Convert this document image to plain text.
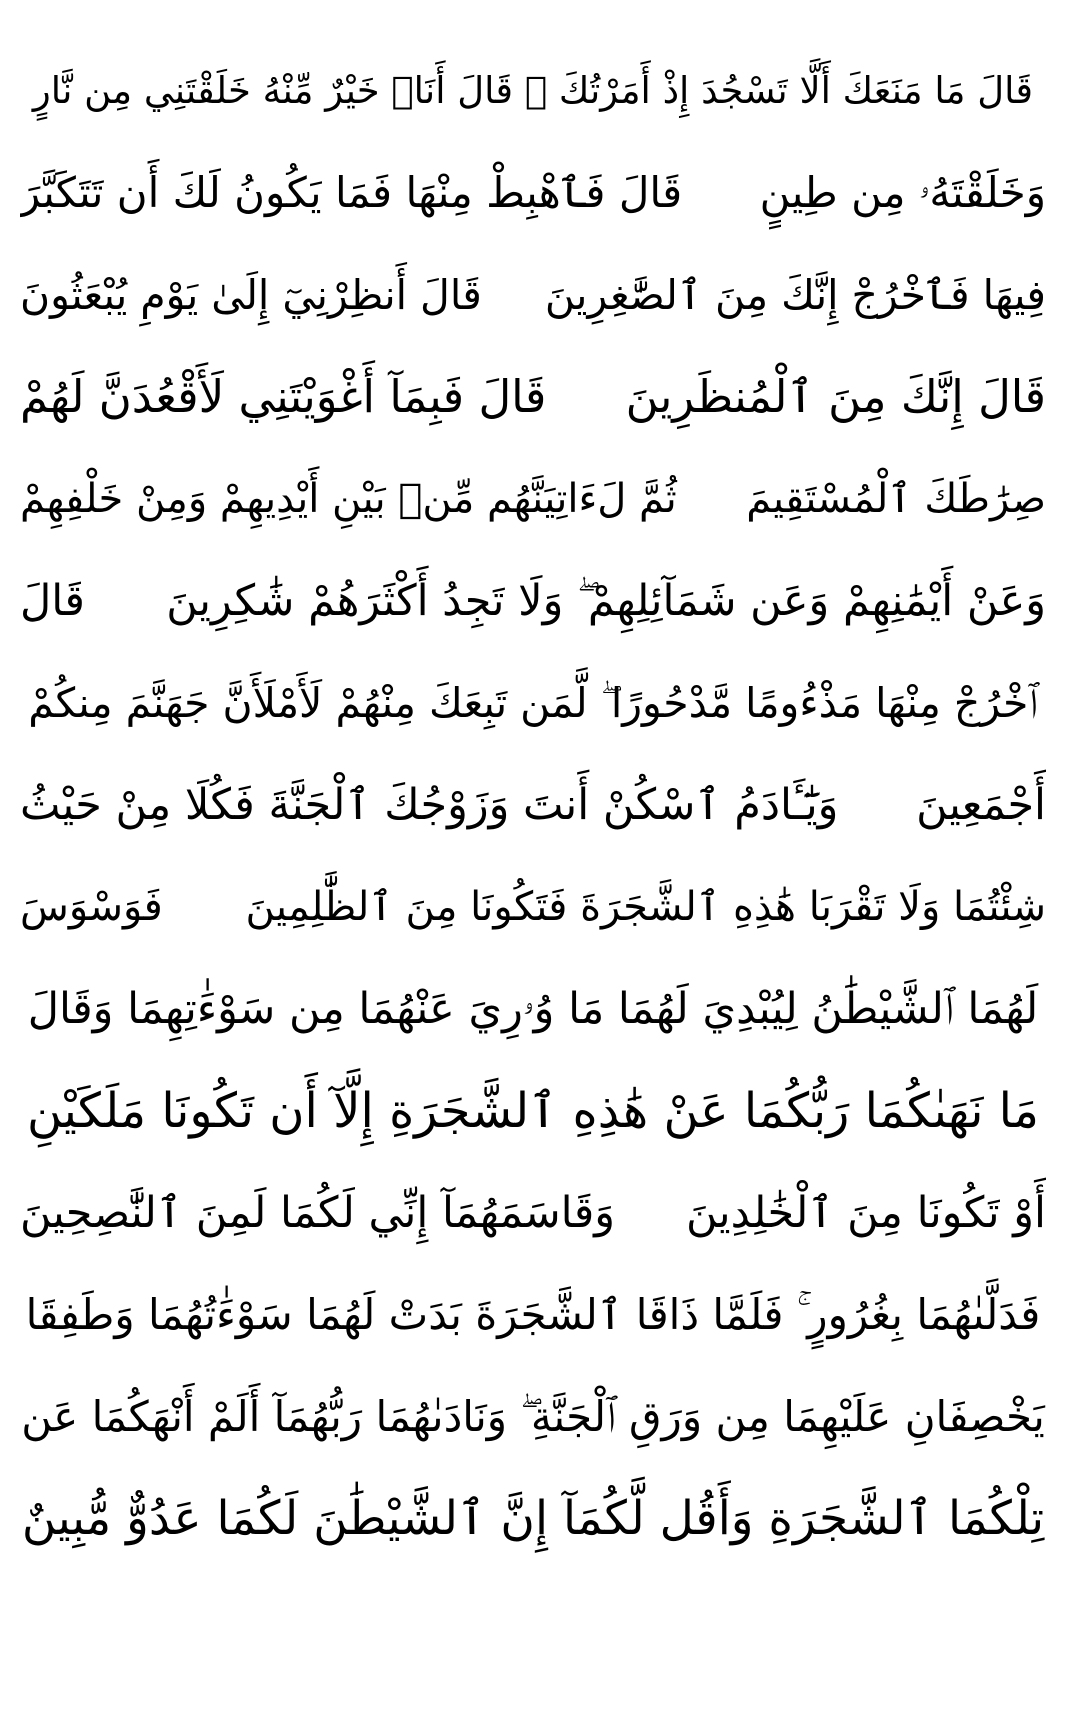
قَالَ مَا مَنَعَكَ أَلَّا تَسْجُدَ إِذْ أَمَرْتُكَ ۖ قَالَ أَنَا۠ خَيْرٌ مِّنْهُ خَلَقْتَنِي مِن نَّارٍ
وَخَلَقْتَهُۥ مِن طِينٍ
قَالَ فَٱهْبِطْ مِنْهَا فَمَا يَكُونُ لَكَ أَن تَتَكَبَّرَ
فِيهَا فَٱخْرُجْ إِنَّكَ مِنَ ٱلصَّٰغِرِينَ
قَالَ أَنظِرْنِيٓ إِلَىٰ يَوْمِ يُبْعَثُونَ
قَالَ إِنَّكَ مِنَ ٱلْمُنظَرِينَ
قَالَ فَبِمَآ أَغْوَيْتَنِي لَأَقْعُدَنَّ لَهُمْ
صِرَٰطَكَ ٱلْمُسْتَقِيمَ
ثُمَّ لَءَاتِيَنَّهُم مِّنۢ بَيْنِ أَيْدِيهِمْ وَمِنْ خَلْفِهِمْ
وَعَنْ أَيْمَٰنِهِمْ وَعَن شَمَآئِلِهِمْ ۖ وَلَا تَجِدُ أَكْثَرَهُمْ شَٰكِرِينَ
قَالَ
ٱخْرُجْ مِنْهَا مَذْءُومًا مَّدْحُورًا ۖ لَّمَن تَبِعَكَ مِنْهُمْ لَأَمْلَأَنَّ جَهَنَّمَ مِنكُمْ
أَجْمَعِينَ
وَيَٰٓـَٔادَمُ ٱسْكُنْ أَنتَ وَزَوْجُكَ ٱلْجَنَّةَ فَكُلَا مِنْ حَيْثُ
شِئْتُمَا وَلَا تَقْرَبَا هَٰذِهِ ٱلشَّجَرَةَ فَتَكُونَا مِنَ ٱلظَّٰلِمِينَ
فَوَسْوَسَ
لَهُمَا ٱلشَّيْطَٰنُ لِيُبْدِيَ لَهُمَا مَا وُۥرِيَ عَنْهُمَا مِن سَوْءَٰتِهِمَا وَقَالَ
مَا نَهَىٰكُمَا رَبُّكُمَا عَنْ هَٰذِهِ ٱلشَّجَرَةِ إِلَّآ أَن تَكُونَا مَلَكَيْنِ
أَوْ تَكُونَا مِنَ ٱلْخَٰلِدِينَ
وَقَاسَمَهُمَآ إِنِّي لَكُمَا لَمِنَ ٱلنَّٰصِحِينَ
فَدَلَّىٰهُمَا بِغُرُورٍ ۚ فَلَمَّا ذَاقَا ٱلشَّجَرَةَ بَدَتْ لَهُمَا سَوْءَٰتُهُمَا وَطَفِقَا
يَخْصِفَانِ عَلَيْهِمَا مِن وَرَقِ ٱلْجَنَّةِ ۖ وَنَادَىٰهُمَا رَبُّهُمَآ أَلَمْ أَنْهَكُمَا عَن
تِلْكُمَا ٱلشَّجَرَةِ وَأَقُل لَّكُمَآ إِنَّ ٱلشَّيْطَٰنَ لَكُمَا عَدُوٌّ مُّبِينٌ
